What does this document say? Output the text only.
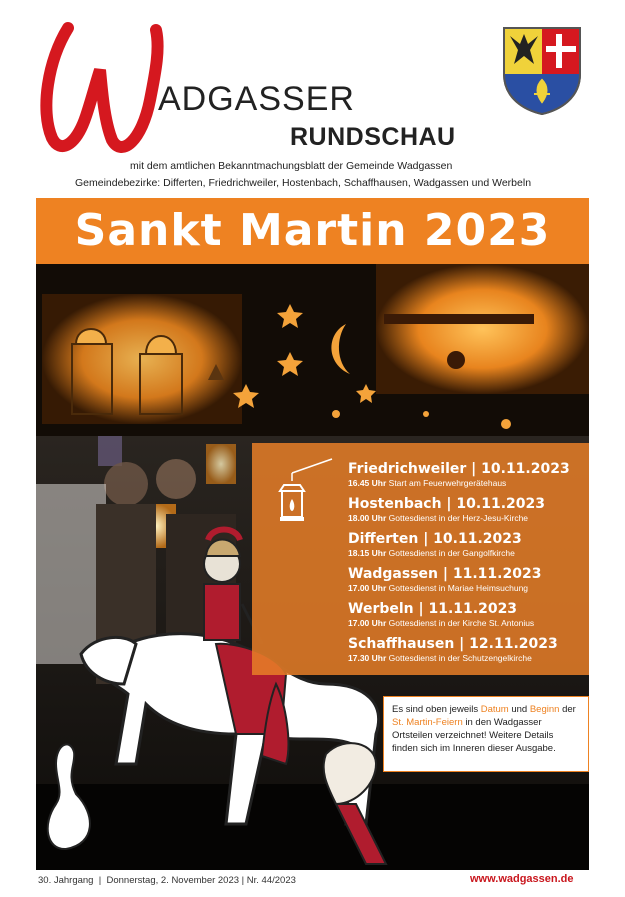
ADGASSER
RUNDSCHAU
mit dem amtlichen Bekanntmachungsblatt der Gemeinde Wadgassen
Gemeindebezirke: Differten, Friedrichweiler, Hostenbach, Schaffhausen, Wadgassen und Werbeln
Sankt Martin 2023
Friedrichweiler | 10.11.2023
16.45 Uhr Start am Feuerwehrgerätehaus
Hostenbach | 10.11.2023
18.00 Uhr Gottesdienst in der Herz-Jesu-Kirche
Differten | 10.11.2023
18.15 Uhr Gottesdienst in der Gangolfkirche
Wadgassen | 11.11.2023
17.00 Uhr Gottesdienst in Mariae Heimsuchung
Werbeln | 11.11.2023
17.00 Uhr Gottesdienst in der Kirche St. Antonius
Schaffhausen | 12.11.2023
17.30 Uhr Gottesdienst in der Schutzengelkirche
Es sind oben jeweils Datum und Beginn der St. Martin-Feiern in den Wadgasser Ortsteilen verzeichnet! Weitere Details finden sich im Inneren dieser Ausgabe.
30. Jahrgang  |  Donnerstag, 2. November 2023 | Nr. 44/2023	www.wadgassen.de
